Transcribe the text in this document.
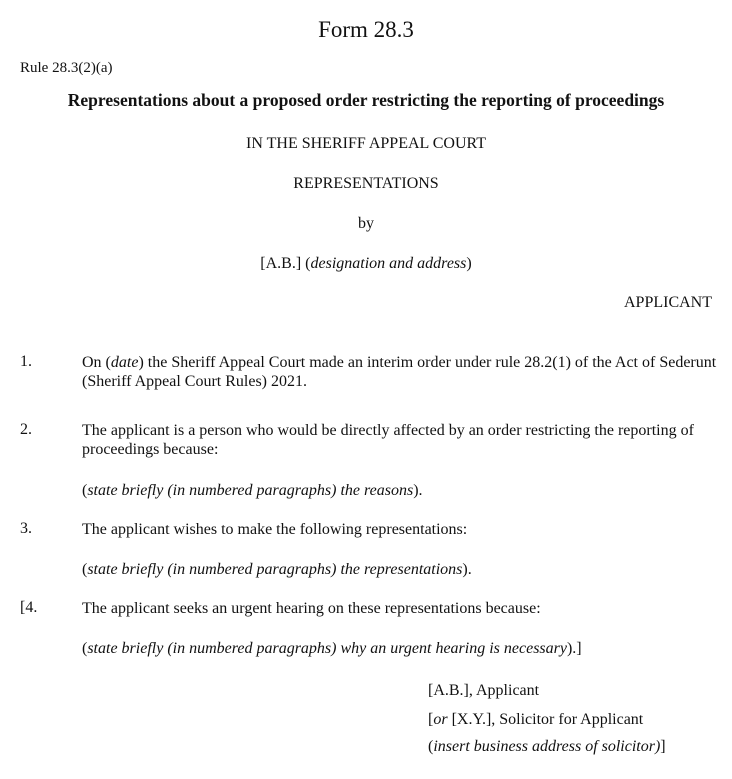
Form 28.3
Rule 28.3(2)(a)
Representations about a proposed order restricting the reporting of proceedings
IN THE SHERIFF APPEAL COURT
REPRESENTATIONS
by
[A.B.] (designation and address)
APPLICANT
1.	On (date) the Sheriff Appeal Court made an interim order under rule 28.2(1) of the Act of Sederunt (Sheriff Appeal Court Rules) 2021.
2.	The applicant is a person who would be directly affected by an order restricting the reporting of proceedings because:
(state briefly (in numbered paragraphs) the reasons).
3.	The applicant wishes to make the following representations:
(state briefly (in numbered paragraphs) the representations).
[4.	The applicant seeks an urgent hearing on these representations because:
(state briefly (in numbered paragraphs) why an urgent hearing is necessary).]
[A.B.], Applicant
[or [X.Y.], Solicitor for Applicant
(insert business address of solicitor)]
